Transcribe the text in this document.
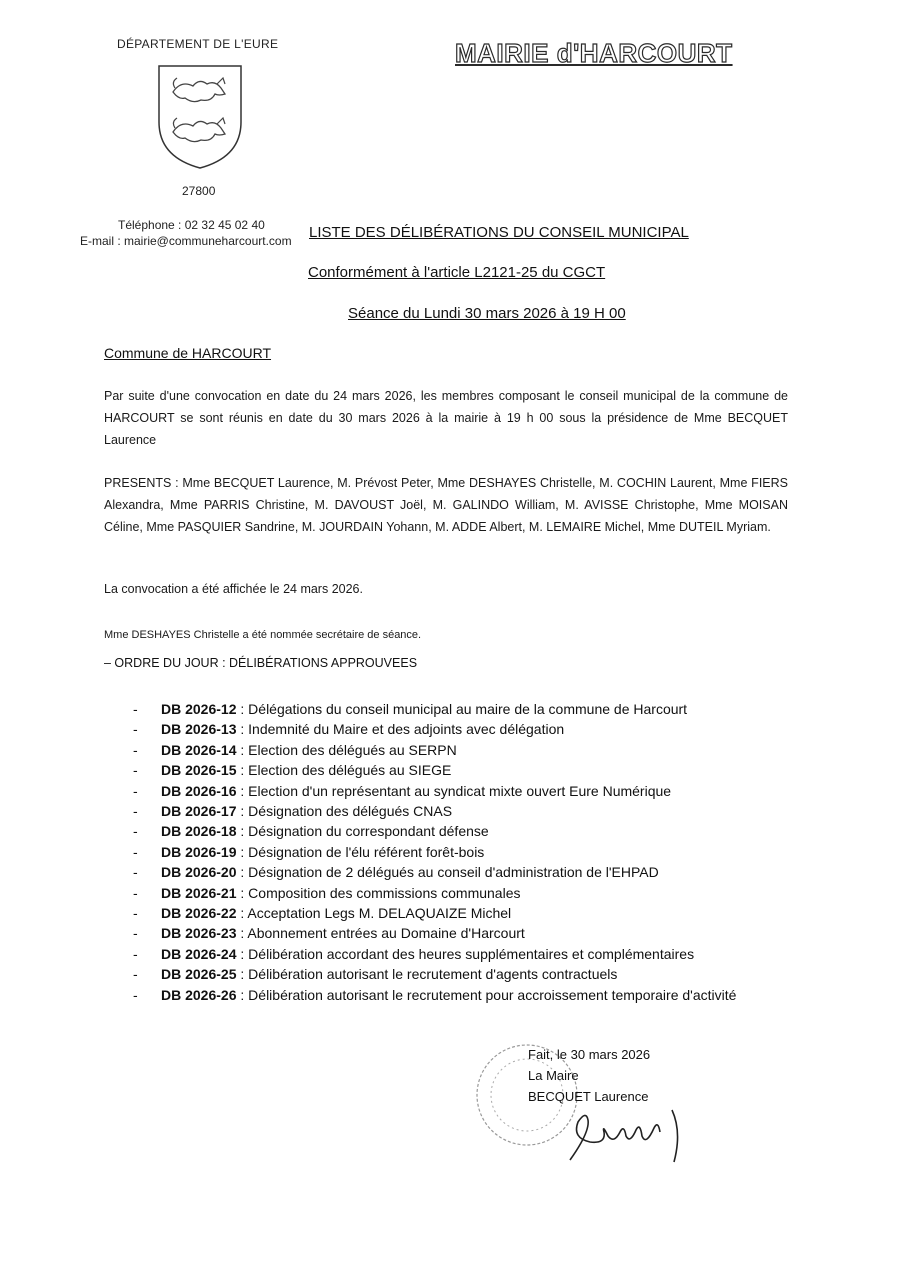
DÉPARTEMENT DE L'EURE
27800
Téléphone : 02 32 45 02 40
E-mail : mairie@communeharcourt.com
MAIRIE d'HARCOURT
LISTE DES DÉLIBÉRATIONS DU CONSEIL MUNICIPAL
Conformément à l'article L2121-25 du CGCT
Séance du Lundi 30 mars 2026 à 19 H 00
Commune de HARCOURT
Par suite d'une convocation en date du 24 mars 2026, les membres composant le conseil municipal de la commune de HARCOURT se sont réunis en date du 30 mars 2026 à la mairie à 19 h 00 sous la présidence de Mme BECQUET Laurence
PRESENTS : Mme BECQUET Laurence, M. Prévost Peter, Mme DESHAYES Christelle, M. COCHIN Laurent, Mme FIERS Alexandra, Mme PARRIS Christine, M. DAVOUST Joël, M. GALINDO William, M. AVISSE Christophe, Mme MOISAN Céline, Mme PASQUIER Sandrine, M. JOURDAIN Yohann, M. ADDE Albert, M. LEMAIRE Michel, Mme DUTEIL Myriam.
La convocation a été affichée le 24 mars 2026.
Mme DESHAYES Christelle a été nommée secrétaire de séance.
– ORDRE DU JOUR : DÉLIBÉRATIONS APPROUVEES
- DB 2026-12 : Délégations du conseil municipal au maire de la commune de Harcourt
- DB 2026-13 : Indemnité du Maire et des adjoints avec délégation
- DB 2026-14 : Election des délégués au SERPN
- DB 2026-15 : Election des délégués au SIEGE
- DB 2026-16 : Election d'un représentant au syndicat mixte ouvert Eure Numérique
- DB 2026-17 : Désignation des délégués CNAS
- DB 2026-18 : Désignation du correspondant défense
- DB 2026-19 : Désignation de l'élu référent forêt-bois
- DB 2026-20 : Désignation de 2 délégués au conseil d'administration de l'EHPAD
- DB 2026-21 : Composition des commissions communales
- DB 2026-22 : Acceptation Legs M. DELAQUAIZE Michel
- DB 2026-23 : Abonnement entrées au Domaine d'Harcourt
- DB 2026-24 : Délibération accordant des heures supplémentaires et complémentaires
- DB 2026-25 : Délibération autorisant le recrutement d'agents contractuels
- DB 2026-26 : Délibération autorisant le recrutement pour accroissement temporaire d'activité
Fait, le 30 mars 2026
La Maire
BECQUET Laurence
